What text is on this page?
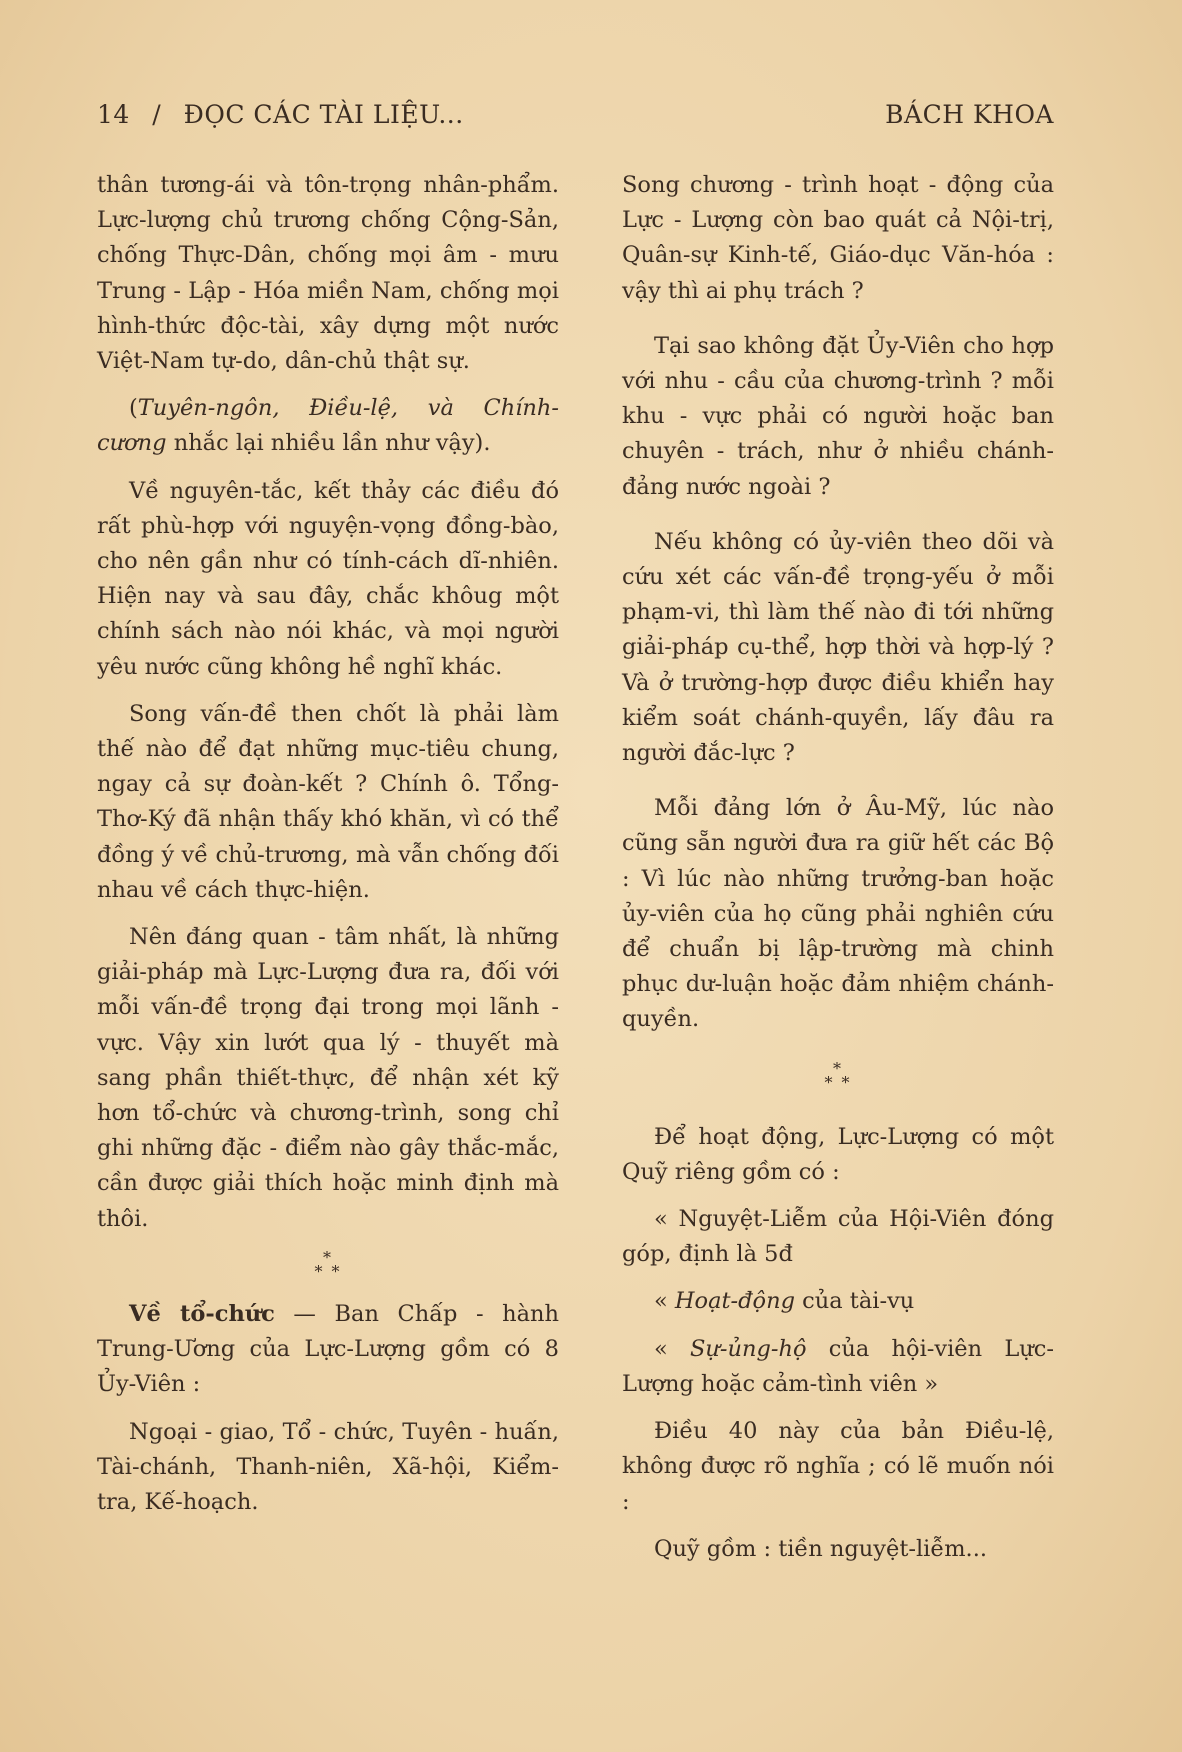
14 / ĐỌC CÁC TÀI LIỆU...	BÁCH KHOA

thân tương-ái và tôn-trọng nhân-phẩm. Lực-lượng chủ trương chống Cộng-Sản, chống Thực-Dân, chống mọi âm - mưu Trung - Lập - Hóa miền Nam, chống mọi hình-thức độc-tài, xây dựng một nước Việt-Nam tự-do, dân-chủ thật sự.

(Tuyên-ngôn, Điều-lệ, và Chính-cương nhắc lại nhiều lần như vậy).

Về nguyên-tắc, kết thảy các điều đó rất phù-hợp với nguyện-vọng đồng-bào, cho nên gần như có tính-cách dĩ-nhiên. Hiện nay và sau đây, chắc khôug một chính sách nào nói khác, và mọi người yêu nước cũng không hề nghĩ khác.

Song vấn-đề then chốt là phải làm thế nào để đạt những mục-tiêu chung, ngay cả sự đoàn-kết ? Chính ô. Tổng-Thơ-Ký đã nhận thấy khó khăn, vì có thể đồng ý về chủ-trương, mà vẫn chống đối nhau về cách thực-hiện.

Nên đáng quan - tâm nhất, là những giải-pháp mà Lực-Lượng đưa ra, đối với mỗi vấn-đề trọng đại trong mọi lãnh - vực. Vậy xin lướt qua lý - thuyết mà sang phần thiết-thực, để nhận xét kỹ hơn tổ-chức và chương-trình, song chỉ ghi những đặc - điểm nào gây thắc-mắc, cần được giải thích hoặc minh định mà thôi.

*
* *

Về tổ-chức — Ban Chấp - hành Trung-Ương của Lực-Lượng gồm có 8 Ủy-Viên :

Ngoại - giao, Tổ - chức, Tuyên - huấn, Tài-chánh, Thanh-niên, Xã-hội, Kiểm-tra, Kế-hoạch.

Song chương - trình hoạt - động của Lực - Lượng còn bao quát cả Nội-trị, Quân-sự Kinh-tế, Giáo-dục Văn-hóa : vậy thì ai phụ trách ?

Tại sao không đặt Ủy-Viên cho hợp với nhu - cầu của chương-trình ? mỗi khu - vực phải có người hoặc ban chuyên - trách, như ở nhiều chánh-đảng nước ngoài ?

Nếu không có ủy-viên theo dõi và cứu xét các vấn-đề trọng-yếu ở mỗi phạm-vi, thì làm thế nào đi tới những giải-pháp cụ-thể, hợp thời và hợp-lý ? Và ở trường-hợp được điều khiển hay kiểm soát chánh-quyền, lấy đâu ra người đắc-lực ?

Mỗi đảng lớn ở Âu-Mỹ, lúc nào cũng sẵn người đưa ra giữ hết các Bộ : Vì lúc nào những trưởng-ban hoặc ủy-viên của họ cũng phải nghiên cứu để chuẩn bị lập-trường mà chinh phục dư-luận hoặc đảm nhiệm chánh-quyền.

*
* *

Để hoạt động, Lực-Lượng có một Quỹ riêng gồm có :

« Nguyệt-Liễm của Hội-Viên đóng góp, định là 5đ

« Hoạt-động của tài-vụ

« Sự-ủng-hộ của hội-viên Lực-Lượng hoặc cảm-tình viên »

Điều 40 này của bản Điều-lệ, không được rõ nghĩa ; có lẽ muốn nói :

Quỹ gồm : tiền nguyệt-liễm...
